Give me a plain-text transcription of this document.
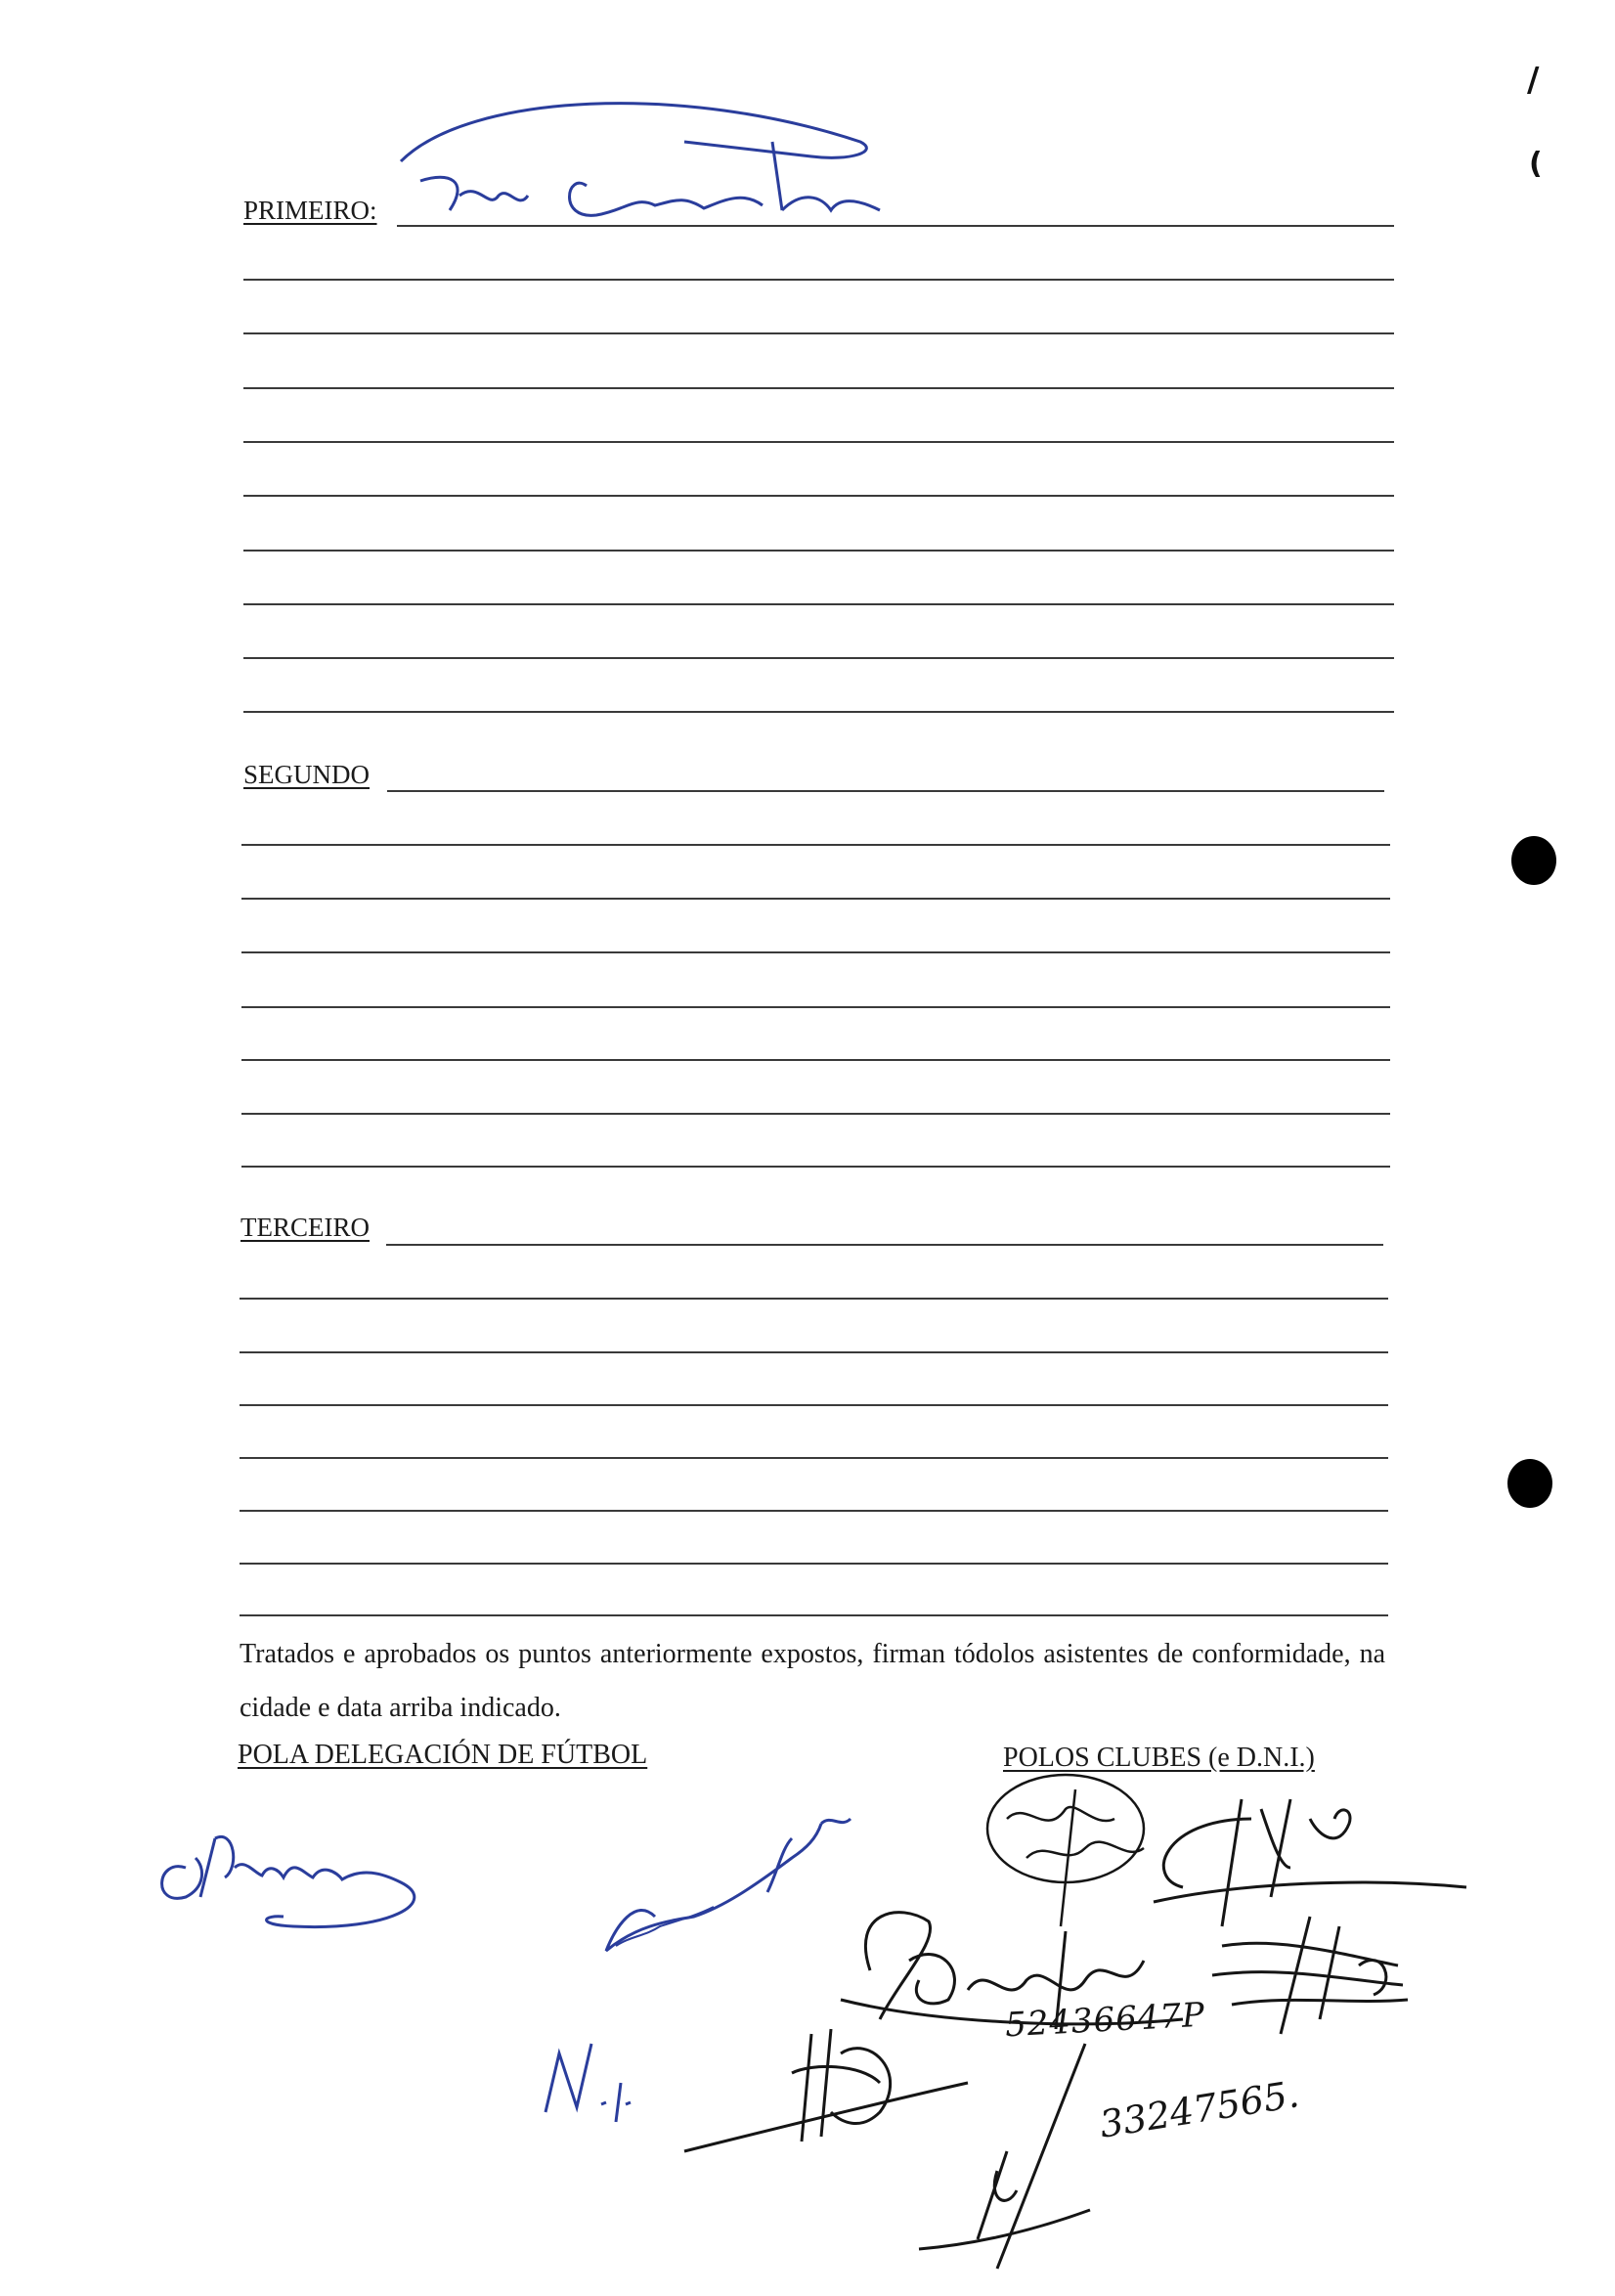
/
(
PRIMEIRO:
SEGUNDO
TERCEIRO
Tratados e aprobados os puntos anteriormente expostos, firman tódolos asistentes de conformidade, na cidade e data arriba indicado.
POLA DELEGACIÓN DE FÚTBOL	POLOS CLUBES (e D.N.I.)
52436647P
33247565.
